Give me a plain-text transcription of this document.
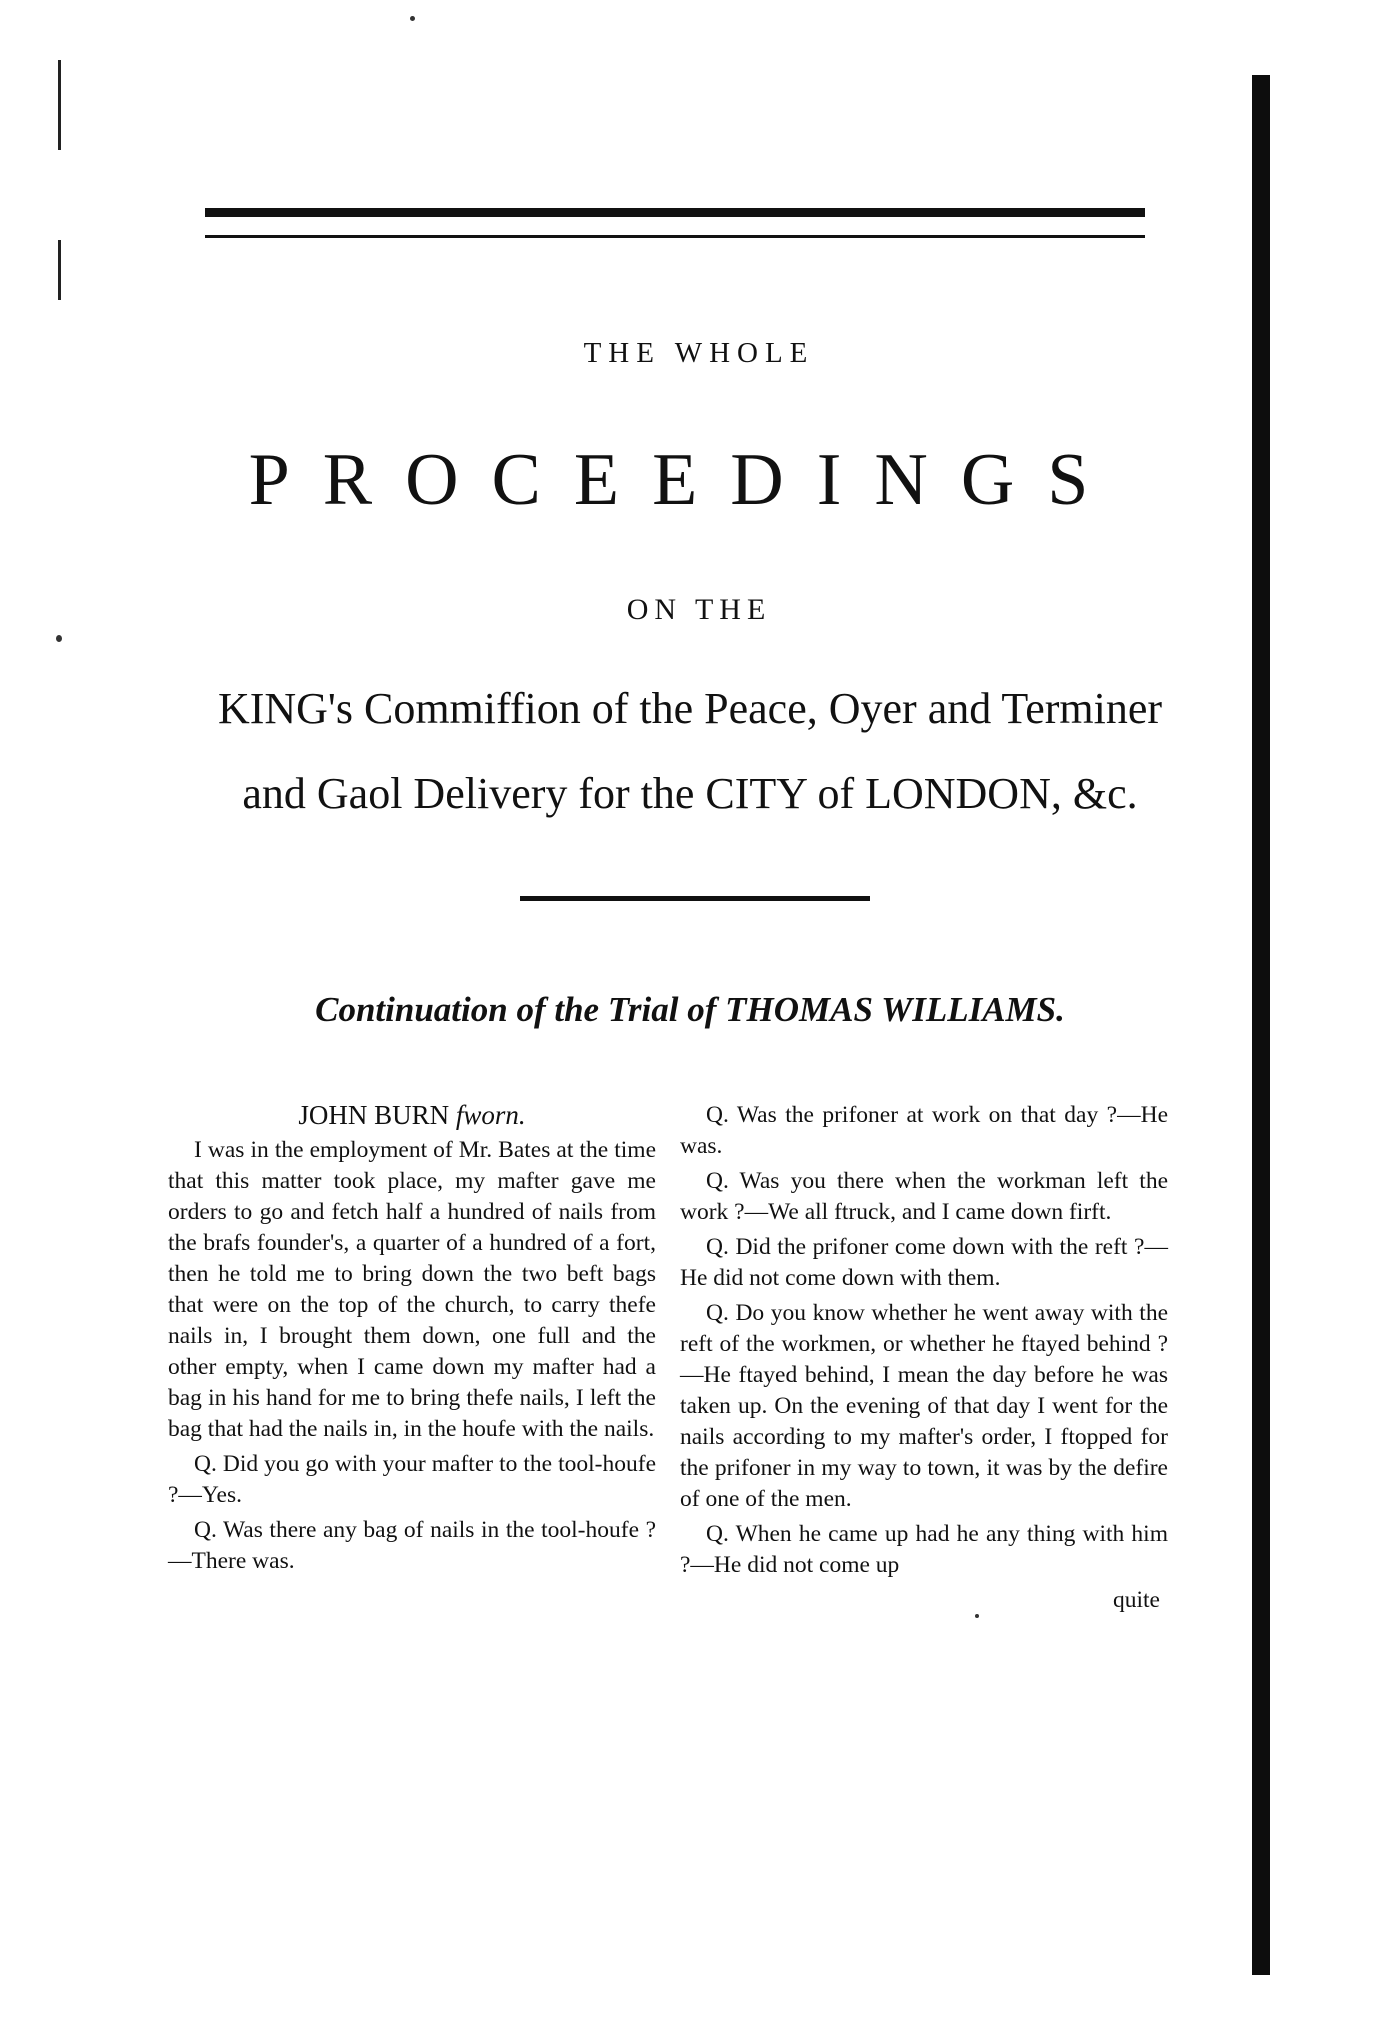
THE WHOLE
PROCEEDINGS
ON THE
KING's Commiffion of the Peace, Oyer and Terminer
and Gaol Delivery for the CITY of LONDON, &c.
Continuation of the Trial of THOMAS WILLIAMS.

JOHN BURN fworn.

I was in the employment of Mr. Bates at the time that this matter took place, my mafter gave me orders to go and fetch half a hundred of nails from the brafs founder's, a quarter of a hundred of a fort, then he told me to bring down the two beft bags that were on the top of the church, to carry thefe nails in, I brought them down, one full and the other empty, when I came down my mafter had a bag in his hand for me to bring thefe nails, I left the bag that had the nails in, in the houfe with the nails.

Q. Did you go with your mafter to the tool-houfe ?—Yes.

Q. Was there any bag of nails in the tool-houfe ?—There was.

Q. Was the prifoner at work on that day ?—He was.

Q. Was you there when the workman left the work ?—We all ftruck, and I came down firft.

Q. Did the prifoner come down with the reft ?—He did not come down with them.

Q. Do you know whether he went away with the reft of the workmen, or whether he ftayed behind ?—He ftayed behind, I mean the day before he was taken up. On the evening of that day I went for the nails according to my mafter's order, I ftopped for the prifoner in my way to town, it was by the defire of one of the men.

Q. When he came up had he any thing with him ?—He did not come up

quite
